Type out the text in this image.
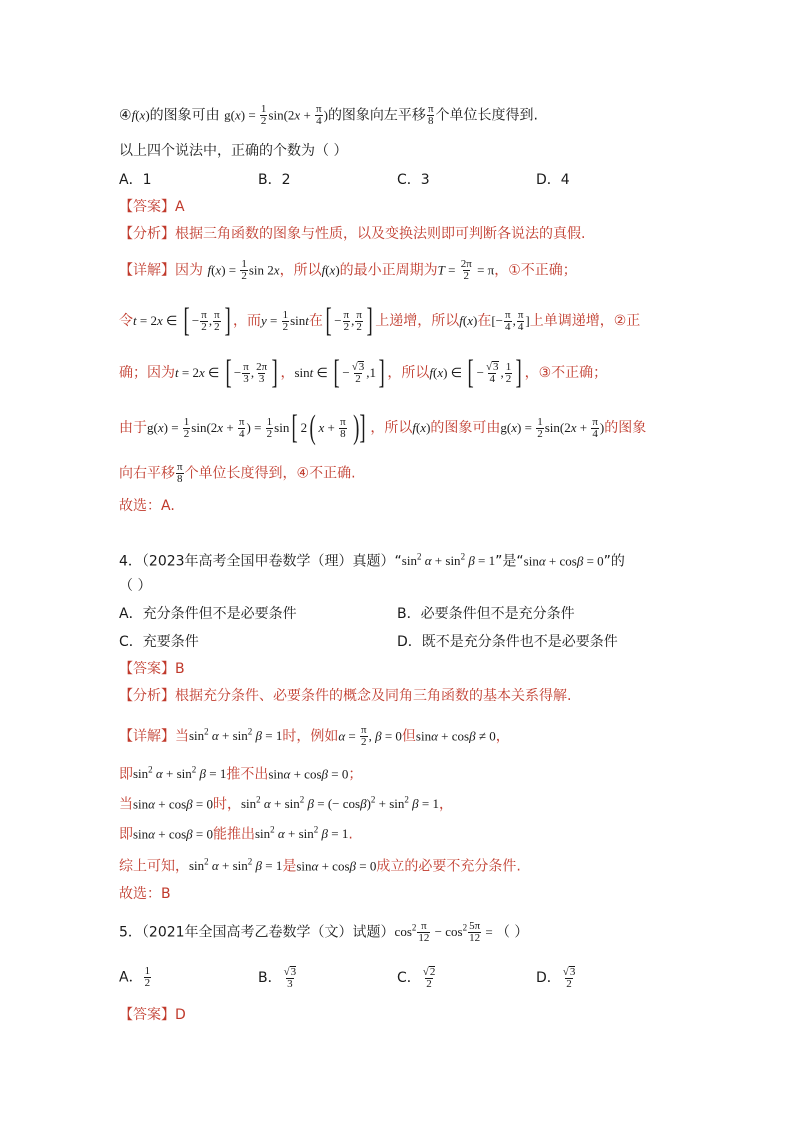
④f(x)的图象可由 $g(x) = \frac{1}{2} \sin(2x + \frac{\pi}{4}$ )的图象向左平移 $\frac{\pi}{8}$ 个单位长度得到.
以上四个说法中，正确的个数为（ ）
A．1	B．2	C．3	D．4
【答案】A
【分析】根据三角函数的图象与性质，以及变换法则即可判断各说法的真假.
【详解】因为 $f(x) = \frac{1}{2}$ sin 2x，所以f(x)的最小正周期为$T = \frac{2\pi}{2} = \pi$，①不正确；
令t = 2x ∈ [ − $\frac{\pi}{2}$ , $\frac{\pi}{2}$ ] ，而$y = \frac{1}{2}$ sint在[ − $\frac{\pi}{2}$ , $\frac{\pi}{2}$ ] 上递增，所以f(x)在[− $\frac{\pi}{4}$ , $\frac{\pi}{4}$ ]上单调递增，②正
确；因为t = 2x ∈ [ − $\frac{\pi}{3}$ , $\frac{2\pi}{3}$ ] ，sint ∈ [ − √ $\frac{3}{2} ,1$] ，所以f(x) ∈ [ − √ $\frac{3}{4}$ , $\frac{1}{2}$ ] ，③不正确；
由于$g(x) = \frac{1}{2} \sin(2x + \frac{\pi}{4}$ ) = $\frac{1}{2} \sin$[ 2( $x + \frac{\pi}{8}$ )] ，所以f(x)的图象可由$g(x) = \frac{1}{2} \sin(2x + \frac{\pi}{4}$ )的图象
向右平移 $\frac{\pi}{8}$ 个单位长度得到，④不正确.
故选：A.
4．（2023年高考全国甲卷数学（理）真题）“$\sin^2$ $\alpha + \sin^2 \beta = 1$”是“sinα + cosβ = 0”的
（ ）
A．充分条件但不是必要条件	B．必要条件但不是充分条件
C．充要条件	D．既不是充分条件也不是必要条件
【答案】B
【分析】根据充分条件、必要条件的概念及同角三角函数的基本关系得解.
【详解】当$\sin^2 \alpha + \sin^2 \beta = 1$时，例如$\alpha = \frac{\pi}{2}$ , β = 0但sinα + cosβ ≠ 0，
即$\sin^2 \alpha + \sin^2 \beta = 1$推不出sinα + cosβ = 0；
当sinα + cosβ = 0时，$\sin^2 \alpha + \sin^2 \beta$ = (− $\cos\beta)^2 + \sin^2 \beta = 1$，
即sinα + cosβ = 0能推出$\sin^2 \alpha + \sin^2 \beta = 1$.
综上可知，$\sin^2 \alpha + \sin^2 \beta = 1$是sinα + cosβ = 0成立的必要不充分条件.
故选：B
5．（2021年全国高考乙卷数学（文）试题）$\cos^2 \frac{\pi}{12} - \cos^2 \frac{5\pi}{12}$ = （ ）
A． $\frac{1}{2}$	B． √ $\frac{3}{3}$	C． √ $\frac{2}{2}$	D． √ $\frac{3}{2}$
【答案】D
